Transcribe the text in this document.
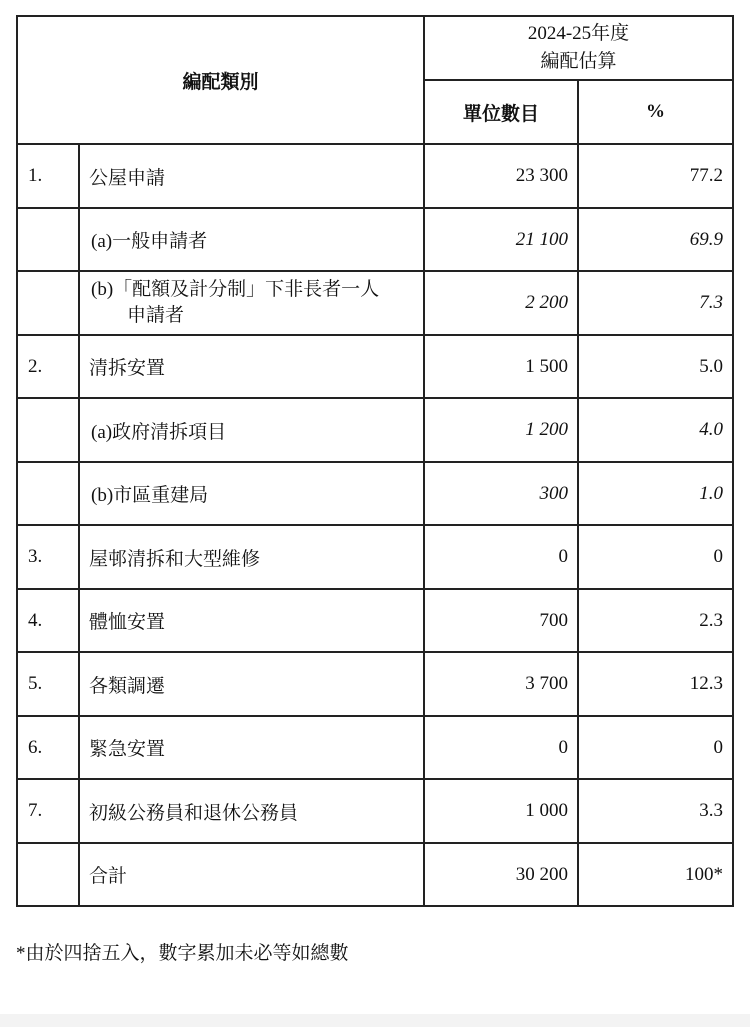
編配類別		2024-25年度
編配估算	

		單位數目	%
1.	公屋申請	23 300	77.2
	(a)一般申請者	21 100	69.9
	(b)「配額及計分制」下非長者一人
申請者	2 200	7.3
2.	清拆安置	1 500	5.0
	(a)政府清拆項目	1 200	4.0
	(b)市區重建局	300	1.0
3.	屋邨清拆和大型維修	0	0
4.	體恤安置	700	2.3
5.	各類調遷	3 700	12.3
6.	緊急安置	0	0
7.	初級公務員和退休公務員	1 000	3.3
	合計	30 200	100*
*由於四捨五入，數字累加未必等如總數
